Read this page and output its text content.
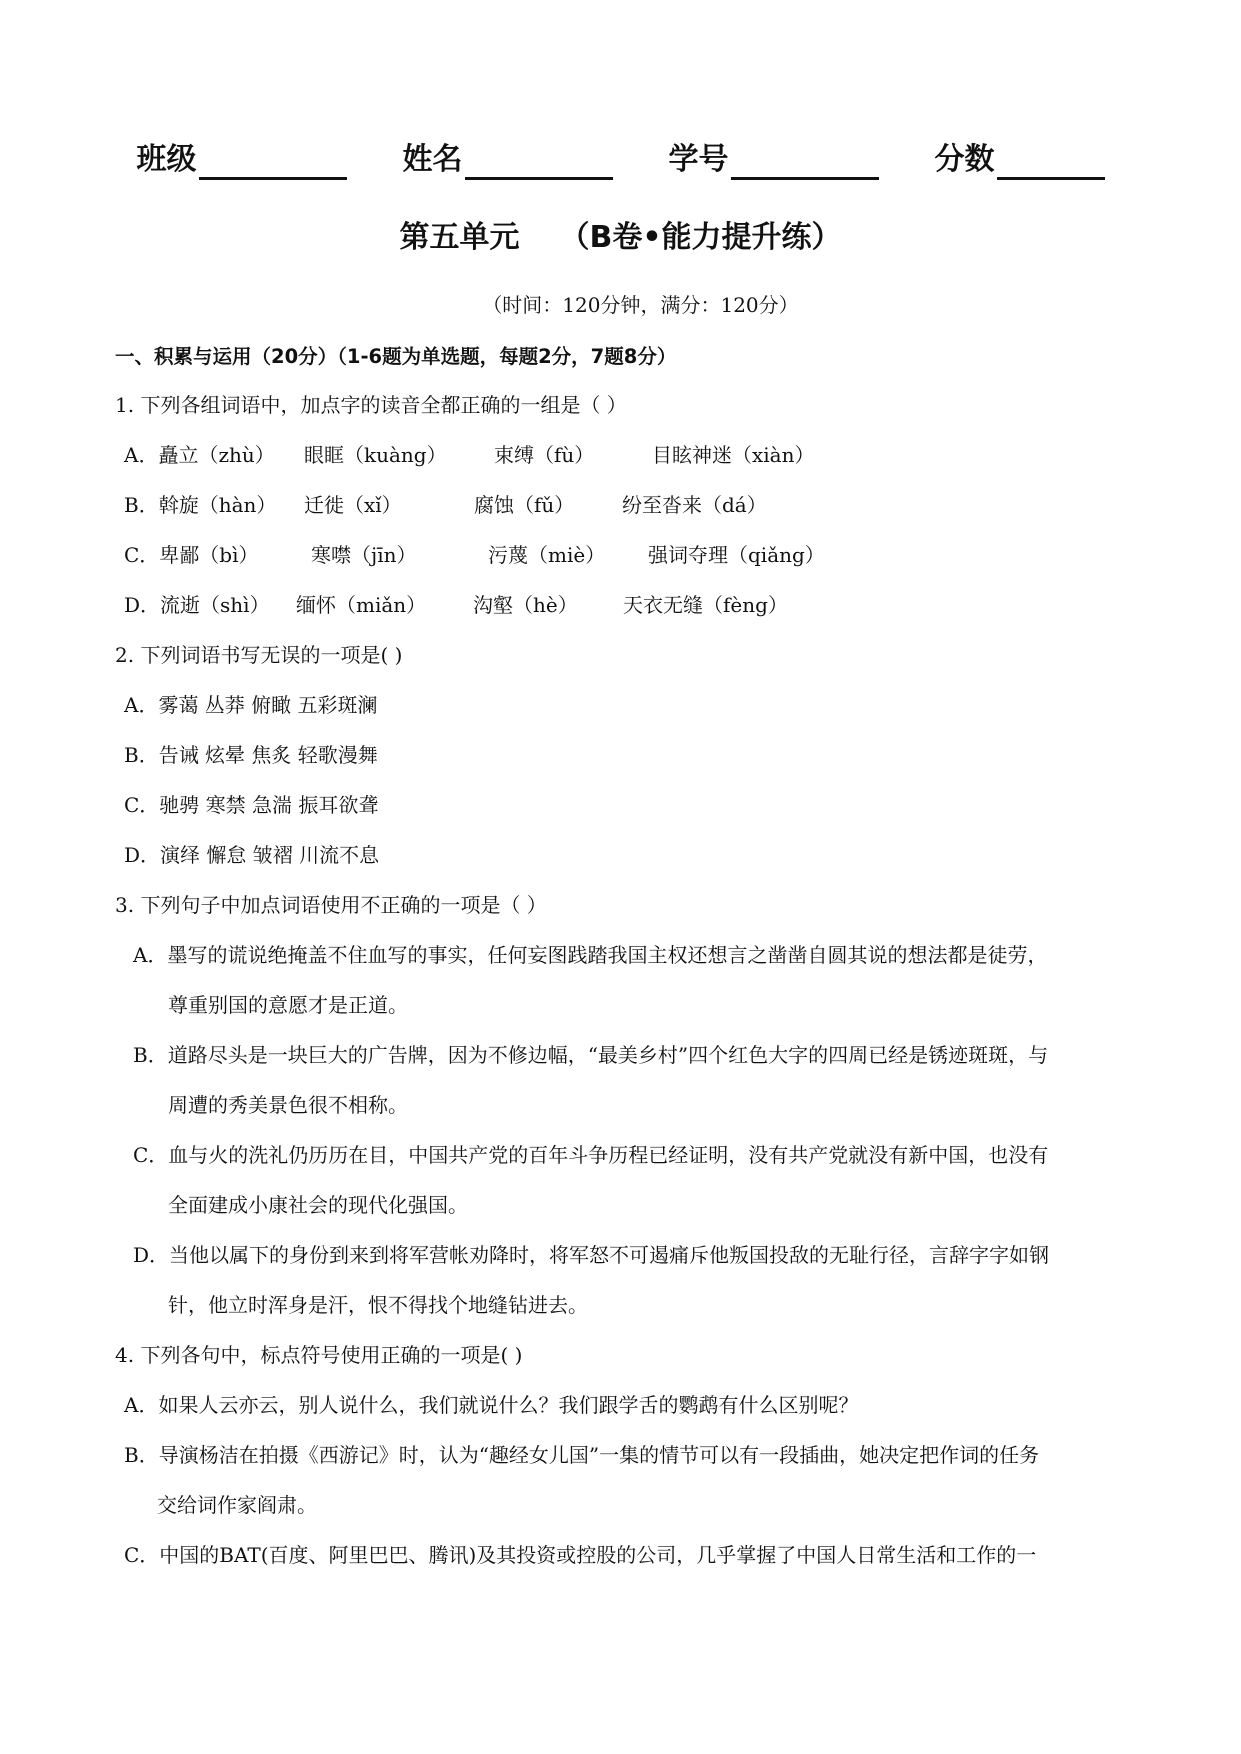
班级	姓名	学号	分数
第五单元 （B卷•能力提升练）
（时间：120分钟，满分：120分）
一、积累与运用（20分）（1-6题为单选题，每题2分，7题8分）
1. 下列各组词语中，加点字的读音全都正确的一组是（ ）
A．矗立（zhù） 眼眶（kuàng） 束缚（fù）	目眩神迷（xiàn）
B．斡旋（hàn） 迁徙（xǐ）	腐蚀（fǔ） 纷至沓来（dá）
C．卑鄙（bì）	寒噤（jīn）	污蔑（miè） 强词夺理（qiǎng）
D．流逝（shì） 缅怀（miǎn） 沟壑（hè） 天衣无缝（fèng）
2. 下列词语书写无误的一项是( )
A．雾蔼 丛莽 俯瞰 五彩斑澜
B．告诫 炫晕 焦炙 轻歌漫舞
C．驰骋 寒禁 急湍 振耳欲聋
D．演绎 懈怠 皱褶 川流不息
3. 下列句子中加点词语使用不正确的一项是（ ）
A．墨写的谎说绝掩盖不住血写的事实，任何妄图践踏我国主权还想言之凿凿自圆其说的想法都是徒劳，
尊重别国的意愿才是正道。
B．道路尽头是一块巨大的广告牌，因为不修边幅，“最美乡村”四个红色大字的四周已经是锈迹斑斑，与
周遭的秀美景色很不相称。
C．血与火的洗礼仍历历在目，中国共产党的百年斗争历程已经证明，没有共产党就没有新中国，也没有
全面建成小康社会的现代化强国。
D．当他以属下的身份到来到将军营帐劝降时，将军怒不可遏痛斥他叛国投敌的无耻行径，言辞字字如钢
针，他立时浑身是汗，恨不得找个地缝钻进去。
4. 下列各句中，标点符号使用正确的一项是( )
A．如果人云亦云，别人说什么，我们就说什么？我们跟学舌的鹦鹉有什么区别呢？
B．导演杨洁在拍摄《西游记》时，认为“趣经女儿国”一集的情节可以有一段插曲，她决定把作词的任务
交给词作家阎肃。
C．中国的BAT(百度、阿里巴巴、腾讯)及其投资或控股的公司，几乎掌握了中国人日常生活和工作的一
